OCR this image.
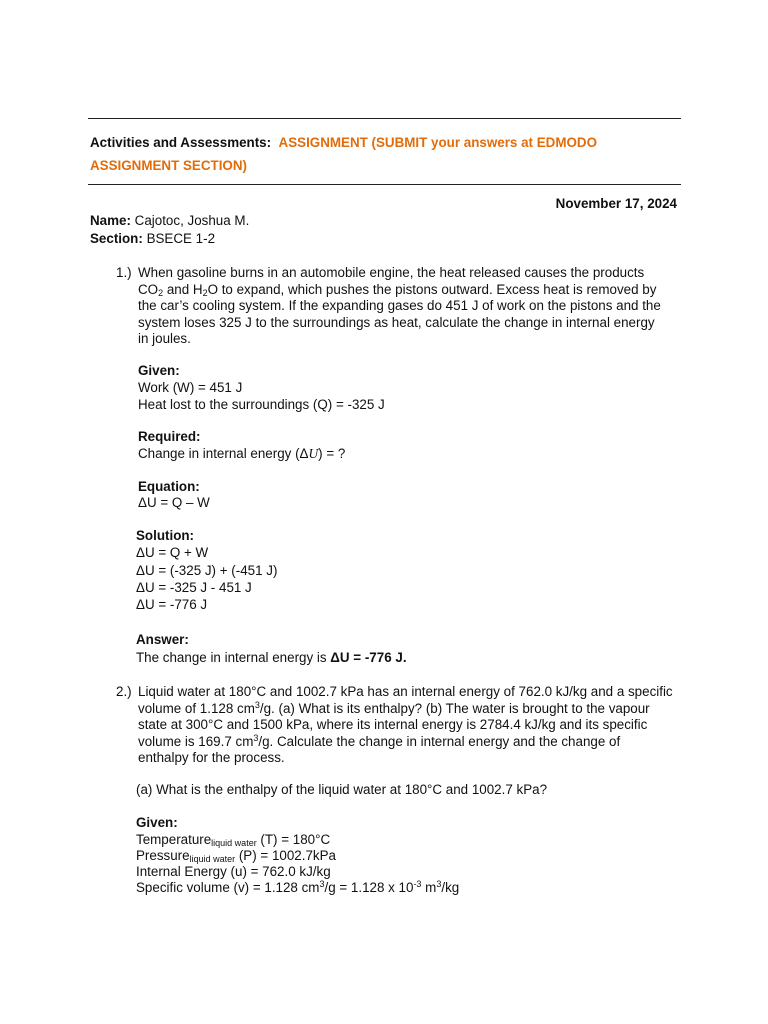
Activities and Assessments: ASSIGNMENT (SUBMIT your answers at EDMODO
ASSIGNMENT SECTION)
November 17, 2024
Name: Cajotoc, Joshua M.
Section: BSECE 1-2
1.) When gasoline burns in an automobile engine, the heat released causes the products
$CO_2$ and $H_2O$ to expand, which pushes the pistons outward. Excess heat is removed by
the car’s cooling system. If the expanding gases do 451 J of work on the pistons and the
system loses 325 J to the surroundings as heat, calculate the change in internal energy
in joules.
Given:
Work (W) = 451 J
Heat lost to the surroundings (Q) = -325 J
Required:
Change in internal energy (ΔU) = ?
Equation:
ΔU = Q – W
Solution:
ΔU = Q + W
ΔU = (-325 J) + (-451 J)
ΔU = -325 J - 451 J
ΔU = -776 J
Answer:
The change in internal energy is ΔU = -776 J.
2.) Liquid water at 180°C and 1002.7 kPa has an internal energy of 762.0 kJ/kg and a specific
volume of 1.128 $cm^3/g$. (a) What is its enthalpy? (b) The water is brought to the vapour
state at 300°C and 1500 kPa, where its internal energy is 2784.4 kJ/kg and its specific
volume is 169.7 $cm^3/g$. Calculate the change in internal energy and the change of
enthalpy for the process.
(a) What is the enthalpy of the liquid water at 180°C and 1002.7 kPa?
Given:
Temperature$_{liquid water}$ (T) = 180°C
Pressure$_{liquid water}$ (P) = 1002.7kPa
Internal Energy (u) = 762.0 kJ/kg
Specific volume (v) = 1.128 $cm^3/g = 1.128$ x $10^{-3}$ $m^3/kg$
